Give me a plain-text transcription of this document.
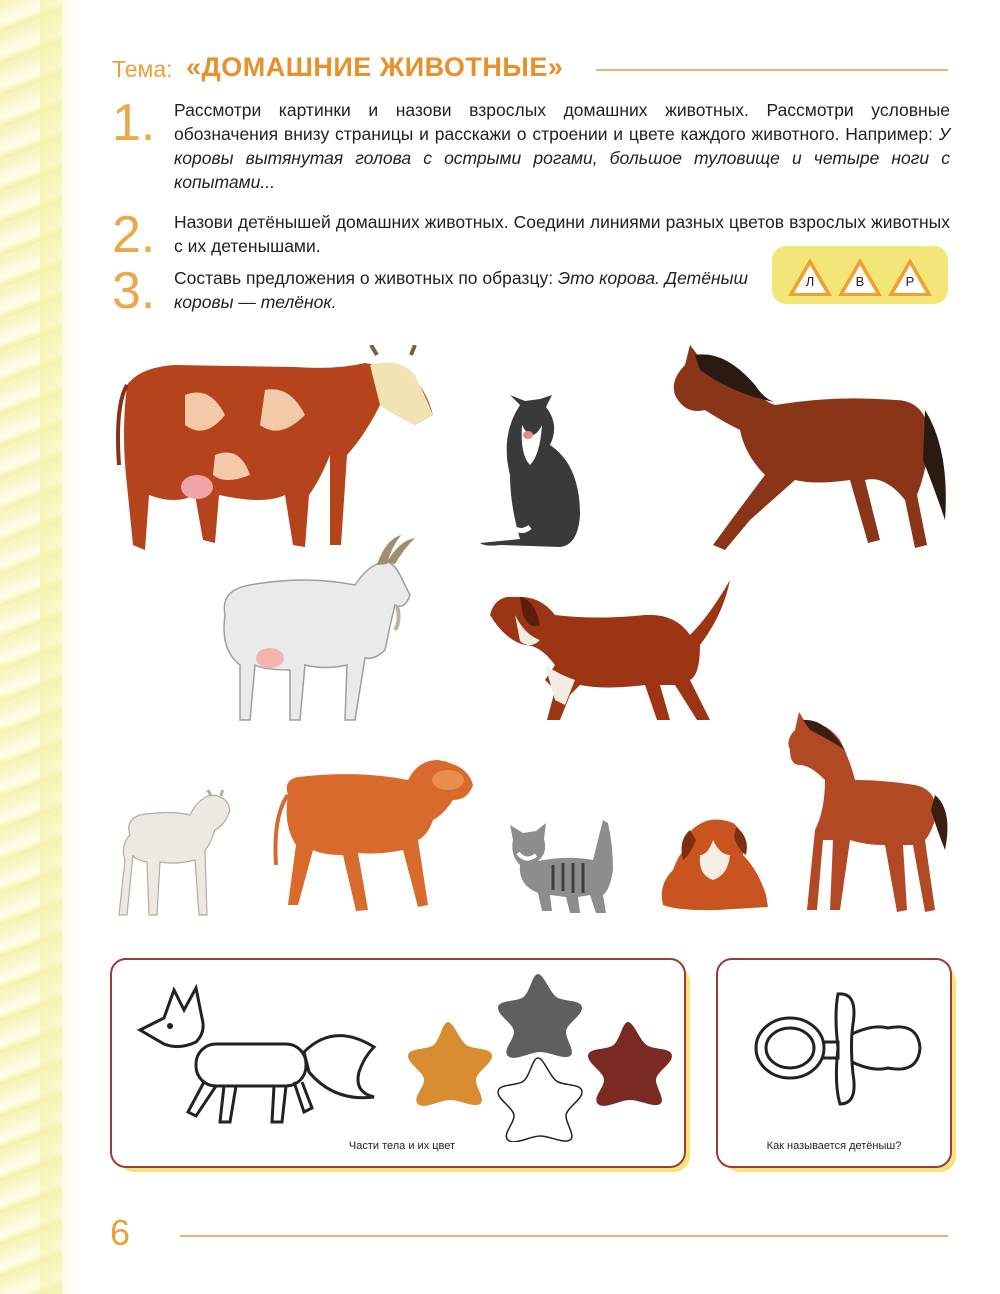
Тема: «ДОМАШНИЕ ЖИВОТНЫЕ»
1.	Рассмотри картинки и назови взрослых домашних животных. Рассмотри условные обозначения внизу страницы и расскажи о строении и цвете каждого животного. Например: У коровы вытянутая голова с острыми рогами, большое туловище и четыре ноги с копытами...
2.	Назови детёнышей домашних животных. Соедини линиями разных цветов взрослых животных с их детенышами.
3.	Составь предложения о животных по образцу: Это корова. Детёныш коровы — телёнок.
Л	В	Р
Части тела и их цвет	Как называется детёныш?
6
